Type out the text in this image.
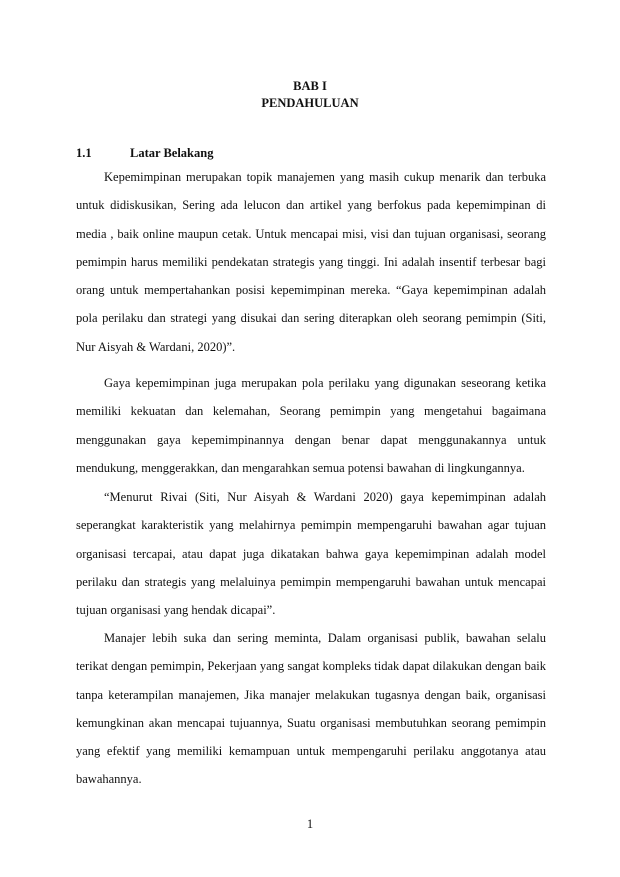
BAB I
PENDAHULUAN
1.1	Latar Belakang

Kepemimpinan merupakan topik manajemen yang masih cukup menarik dan terbuka untuk didiskusikan, Sering ada lelucon dan artikel yang berfokus pada kepemimpinan di media , baik online maupun cetak. Untuk mencapai misi, visi dan tujuan organisasi, seorang pemimpin harus memiliki pendekatan strategis yang tinggi. Ini adalah insentif terbesar bagi orang untuk mempertahankan posisi kepemimpinan mereka. “Gaya kepemimpinan adalah pola perilaku dan strategi yang disukai dan sering diterapkan oleh seorang pemimpin (Siti, Nur Aisyah & Wardani, 2020)”.

Gaya kepemimpinan juga merupakan pola perilaku yang digunakan seseorang ketika memiliki kekuatan dan kelemahan, Seorang pemimpin yang mengetahui bagaimana menggunakan gaya kepemimpinannya dengan benar dapat menggunakannya untuk mendukung, menggerakkan, dan mengarahkan semua potensi bawahan di lingkungannya.

“Menurut Rivai (Siti, Nur Aisyah & Wardani 2020) gaya kepemimpinan adalah seperangkat karakteristik yang melahirnya pemimpin mempengaruhi bawahan agar tujuan organisasi tercapai, atau dapat juga dikatakan bahwa gaya kepemimpinan adalah model perilaku dan strategis yang melaluinya pemimpin mempengaruhi bawahan untuk mencapai tujuan organisasi yang hendak dicapai”.

Manajer lebih suka dan sering meminta, Dalam organisasi publik, bawahan selalu terikat dengan pemimpin, Pekerjaan yang sangat kompleks tidak dapat dilakukan dengan baik tanpa keterampilan manajemen, Jika manajer melakukan tugasnya dengan baik, organisasi kemungkinan akan mencapai tujuannya, Suatu organisasi membutuhkan seorang pemimpin yang efektif yang memiliki kemampuan untuk mempengaruhi perilaku anggotanya atau bawahannya.

1
